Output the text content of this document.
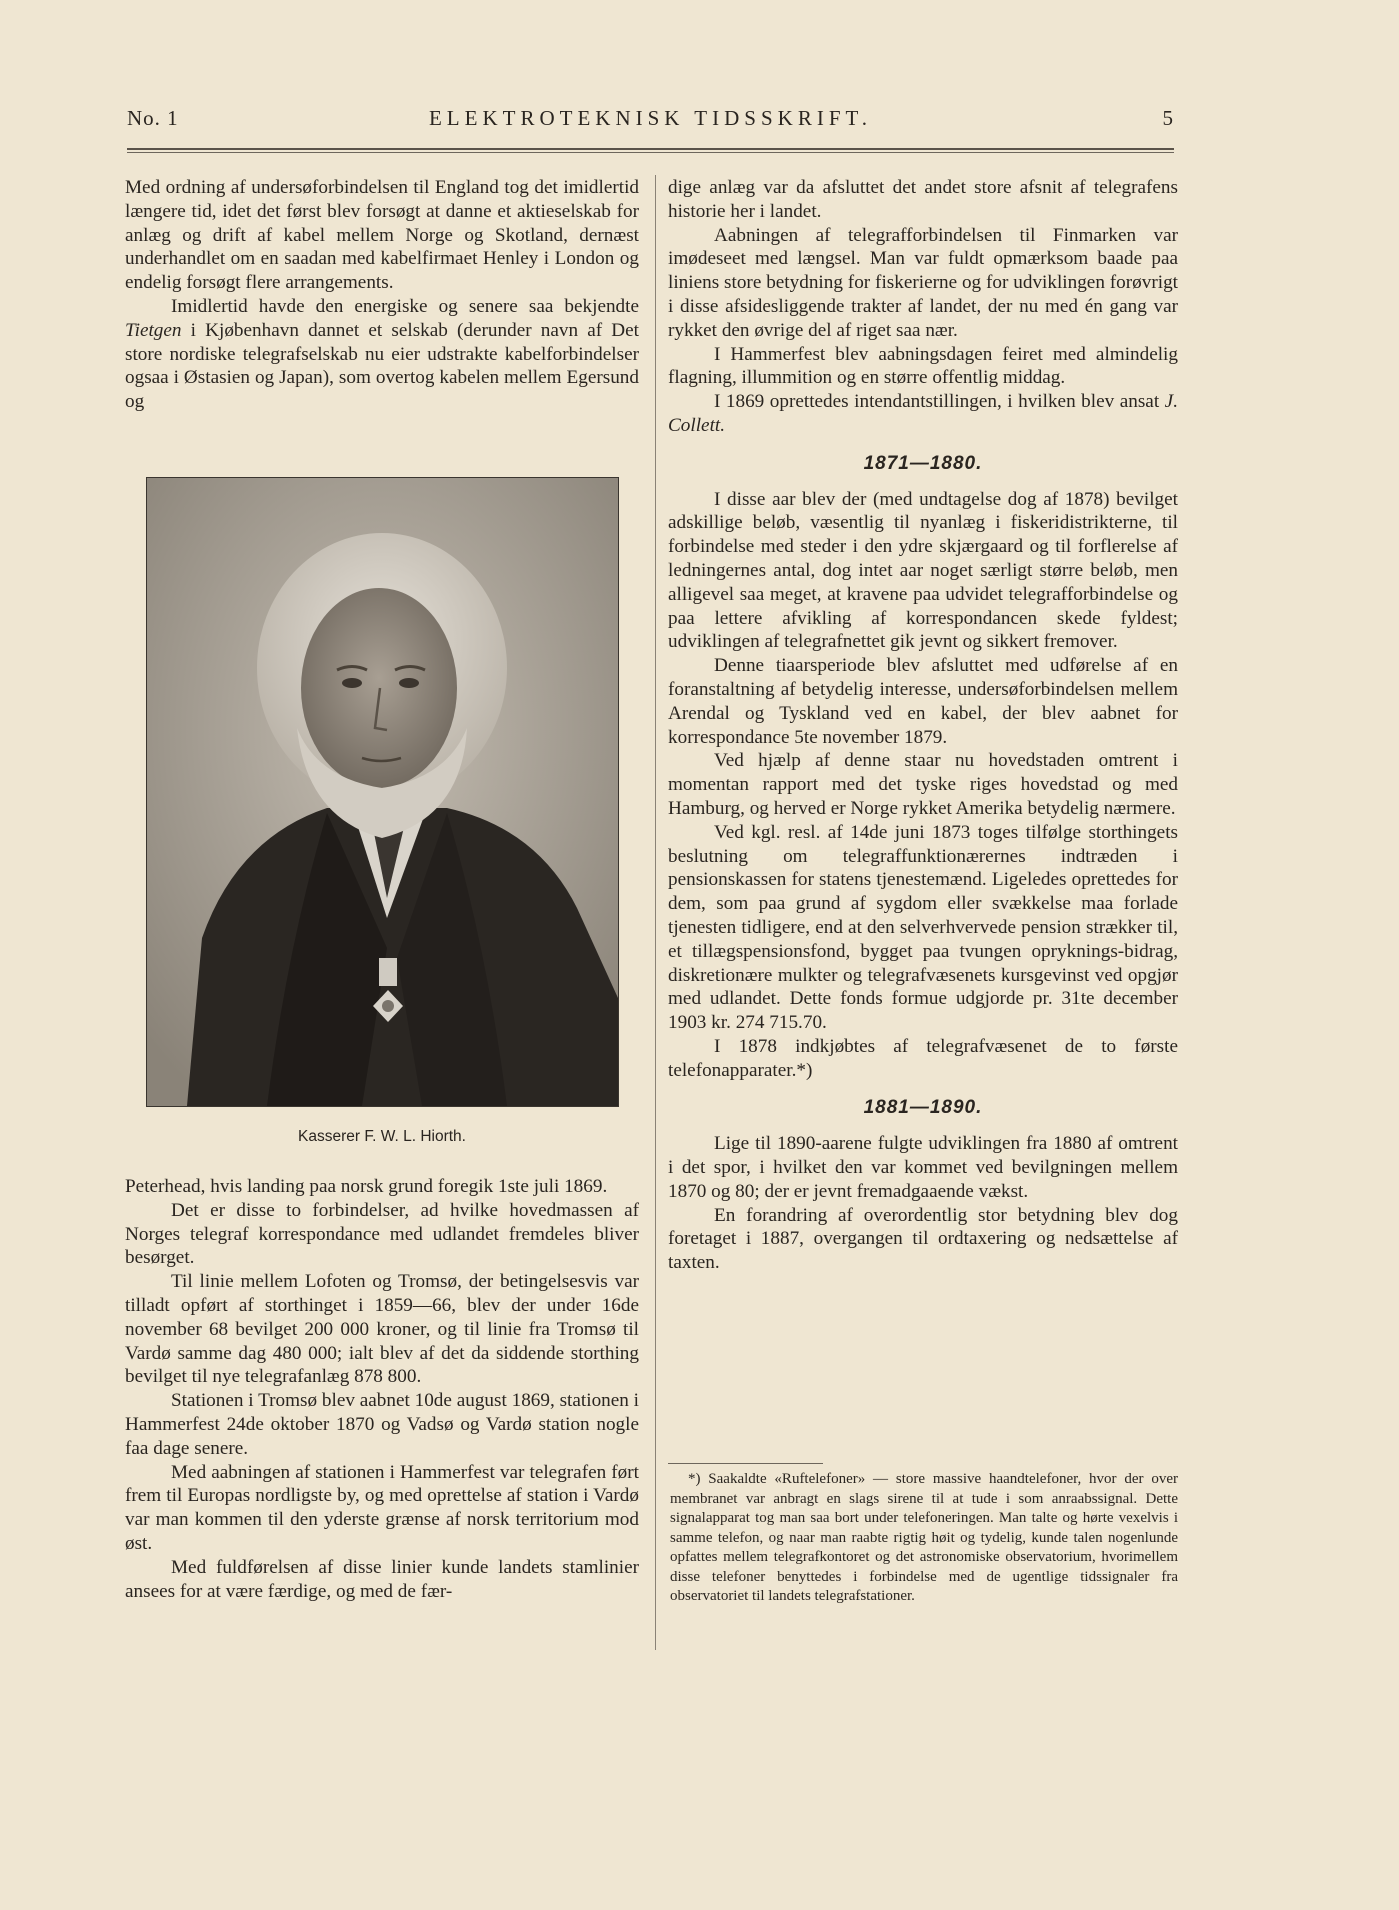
No. 1	ELEKTROTEKNISK TIDSSKRIFT.	5

Med ordning af undersøforbindelsen til England tog det imidlertid længere tid, idet det først blev forsøgt at danne et aktieselskab for anlæg og drift af kabel mellem Norge og Skotland, dernæst underhandlet om en saadan med kabelfirmaet Henley i London og endelig forsøgt flere arrangements.

Imidlertid havde den energiske og senere saa bekjendte Tietgen i Kjøbenhavn dannet et selskab (derunder navn af Det store nordiske telegrafselskab nu eier udstrakte kabelforbindelser ogsaa i Østasien og Japan), som overtog kabelen mellem Egersund og

Kasserer F. W. L. Hiorth.

Peterhead, hvis landing paa norsk grund foregik 1ste juli 1869.

Det er disse to forbindelser, ad hvilke hovedmassen af Norges telegraf korrespondance med udlandet fremdeles bliver besørget.

Til linie mellem Lofoten og Tromsø, der betingelsesvis var tilladt opført af storthinget i 1859—66, blev der under 16de november 68 bevilget 200 000 kroner, og til linie fra Tromsø til Vardø samme dag 480 000; ialt blev af det da siddende storthing bevilget til nye telegrafanlæg 878 800.

Stationen i Tromsø blev aabnet 10de august 1869, stationen i Hammerfest 24de oktober 1870 og Vadsø og Vardø station nogle faa dage senere.

Med aabningen af stationen i Hammerfest var telegrafen ført frem til Europas nordligste by, og med oprettelse af station i Vardø var man kommen til den yderste grænse af norsk territorium mod øst.

Med fuldførelsen af disse linier kunde landets stamlinier ansees for at være færdige, og med de fær-

dige anlæg var da afsluttet det andet store afsnit af telegrafens historie her i landet.

Aabningen af telegrafforbindelsen til Finmarken var imødeseet med længsel. Man var fuldt opmærksom baade paa liniens store betydning for fiskerierne og for udviklingen forøvrigt i disse afsidesliggende trakter af landet, der nu med én gang var rykket den øvrige del af riget saa nær.

I Hammerfest blev aabningsdagen feiret med almindelig flagning, illummition og en større offentlig middag.

I 1869 oprettedes intendantstillingen, i hvilken blev ansat J. Collett.

1871—1880.

I disse aar blev der (med undtagelse dog af 1878) bevilget adskillige beløb, væsentlig til nyanlæg i fiskeridistrikterne, til forbindelse med steder i den ydre skjærgaard og til forflerelse af ledningernes antal, dog intet aar noget særligt større beløb, men alligevel saa meget, at kravene paa udvidet telegrafforbindelse og paa lettere afvikling af korrespondancen skede fyldest; udviklingen af telegrafnettet gik jevnt og sikkert fremover.

Denne tiaarsperiode blev afsluttet med udførelse af en foranstaltning af betydelig interesse, undersøforbindelsen mellem Arendal og Tyskland ved en kabel, der blev aabnet for korrespondance 5te november 1879.

Ved hjælp af denne staar nu hovedstaden omtrent i momentan rapport med det tyske riges hovedstad og med Hamburg, og herved er Norge rykket Amerika betydelig nærmere.

Ved kgl. resl. af 14de juni 1873 toges tilfølge storthingets beslutning om telegraffunktionærernes indtræden i pensionskassen for statens tjenestemænd. Ligeledes oprettedes for dem, som paa grund af sygdom eller svækkelse maa forlade tjenesten tidligere, end at den selverhvervede pension strækker til, et tillægspensionsfond, bygget paa tvungen opryknings-bidrag, diskretionære mulkter og telegrafvæsenets kursgevinst ved opgjør med udlandet. Dette fonds formue udgjorde pr. 31te december 1903 kr. 274 715.70.

I 1878 indkjøbtes af telegrafvæsenet de to første telefonapparater.*)

1881—1890.

Lige til 1890-aarene fulgte udviklingen fra 1880 af omtrent i det spor, i hvilket den var kommet ved bevilgningen mellem 1870 og 80; der er jevnt fremadgaaende vækst.

En forandring af overordentlig stor betydning blev dog foretaget i 1887, overgangen til ordtaxering og nedsættelse af taxten.

*) Saakaldte «Ruftelefoner» — store massive haandtelefoner, hvor der over membranet var anbragt en slags sirene til at tude i som anraabssignal. Dette signalapparat tog man saa bort under telefoneringen. Man talte og hørte vexelvis i samme telefon, og naar man raabte rigtig høit og tydelig, kunde talen nogenlunde opfattes mellem telegrafkontoret og det astronomiske observatorium, hvorimellem disse telefoner benyttedes i forbindelse med de ugentlige tidssignaler fra observatoriet til landets telegrafstationer.
